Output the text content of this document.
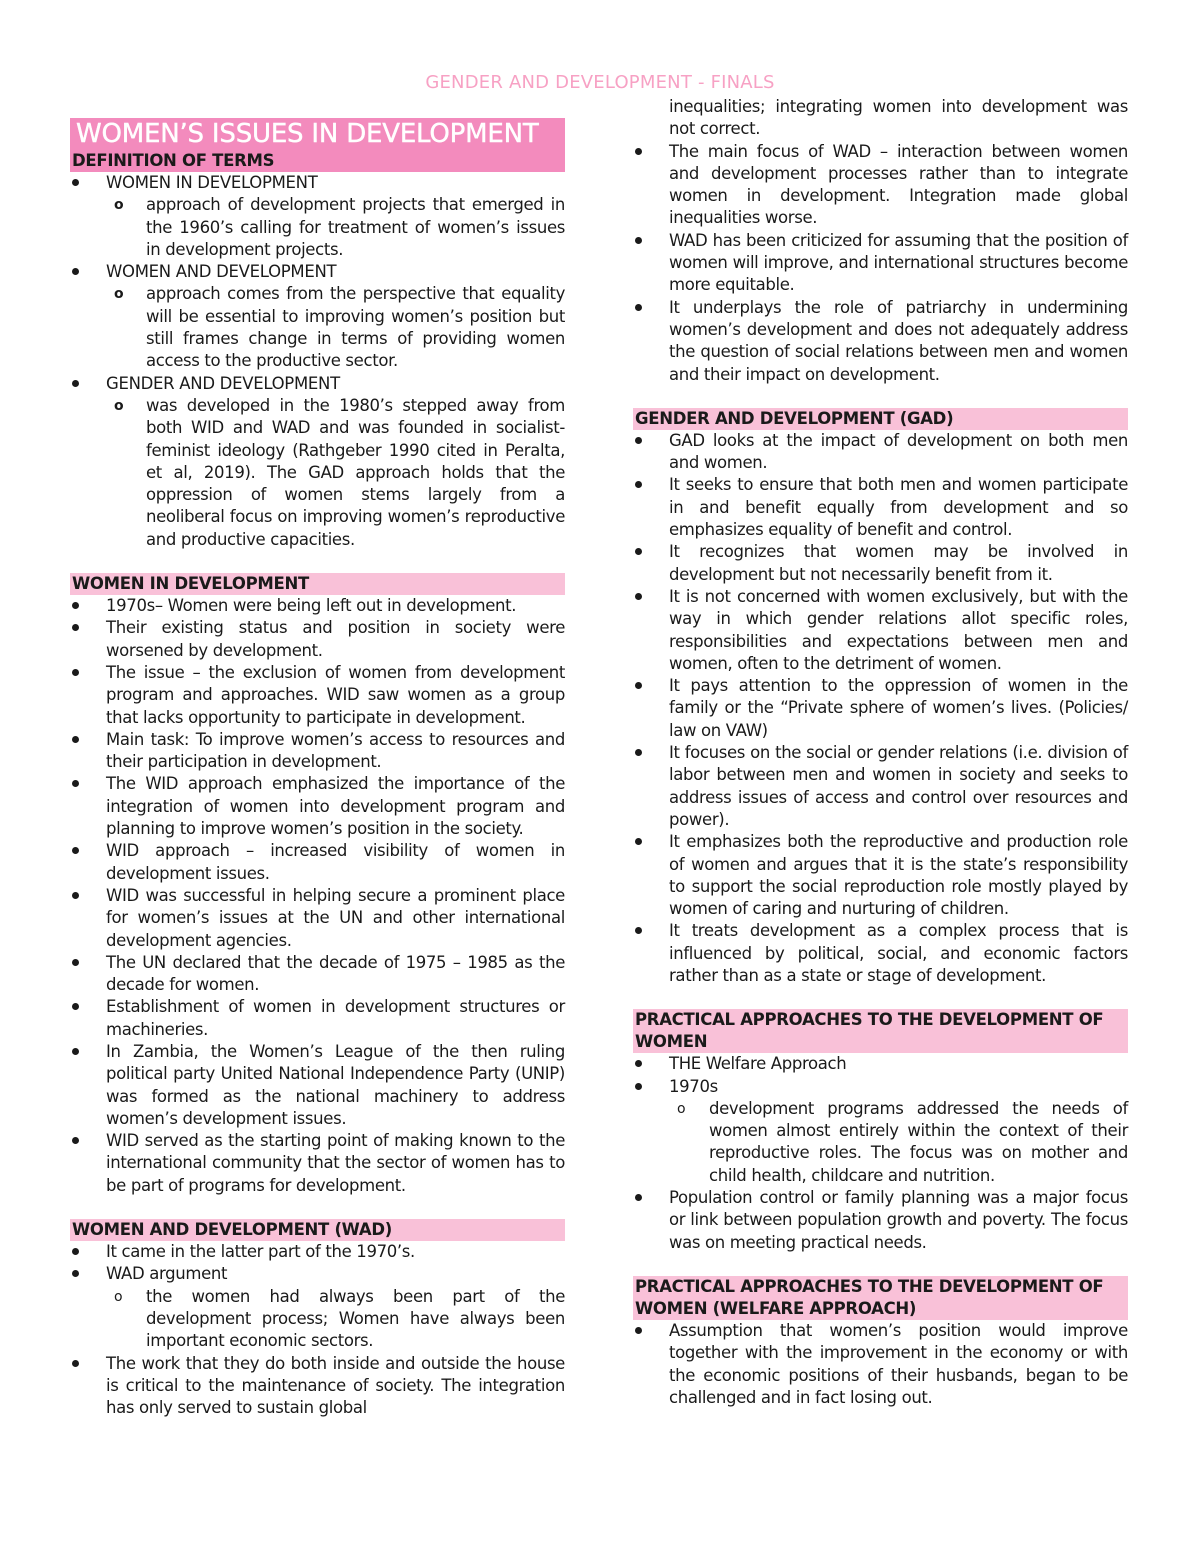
GENDER AND DEVELOPMENT - FINALS
WOMEN’S ISSUES IN DEVELOPMENT
DEFINITION OF TERMS
WOMEN IN DEVELOPMENT
o approach of development projects that emerged in the 1960’s calling for treatment of women’s issues in development projects.
WOMEN AND DEVELOPMENT
o approach comes from the perspective that equality will be essential to improving women’s position but still frames change in terms of providing women access to the productive sector.
GENDER AND DEVELOPMENT
o was developed in the 1980’s stepped away from both WID and WAD and was founded in socialist-feminist ideology (Rathgeber 1990 cited in Peralta, et al, 2019). The GAD approach holds that the oppression of women stems largely from a neoliberal focus on improving women’s reproductive and productive capacities.
WOMEN IN DEVELOPMENT
1970s– Women were being left out in development.
Their existing status and position in society were worsened by development.
The issue – the exclusion of women from development program and approaches. WID saw women as a group that lacks opportunity to participate in development.
Main task: To improve women’s access to resources and their participation in development.
The WID approach emphasized the importance of the integration of women into development program and planning to improve women’s position in the society.
WID approach – increased visibility of women in development issues.
WID was successful in helping secure a prominent place for women’s issues at the UN and other international development agencies.
The UN declared that the decade of 1975 – 1985 as the decade for women.
Establishment of women in development structures or machineries.
In Zambia, the Women’s League of the then ruling political party United National Independence Party (UNIP) was formed as the national machinery to address women’s development issues.
WID served as the starting point of making known to the international community that the sector of women has to be part of programs for development.
WOMEN AND DEVELOPMENT (WAD)
It came in the latter part of the 1970’s.
WAD argument
o the women had always been part of the development process; Women have always been important economic sectors.
The work that they do both inside and outside the house is critical to the maintenance of society. The integration has only served to sustain global
inequalities; integrating women into development was not correct.
The main focus of WAD – interaction between women and development processes rather than to integrate women in development. Integration made global inequalities worse.
WAD has been criticized for assuming that the position of women will improve, and international structures become more equitable.
It underplays the role of patriarchy in undermining women’s development and does not adequately address the question of social relations between men and women and their impact on development.
GENDER AND DEVELOPMENT (GAD)
GAD looks at the impact of development on both men and women.
It seeks to ensure that both men and women participate in and benefit equally from development and so emphasizes equality of benefit and control.
It recognizes that women may be involved in development but not necessarily benefit from it.
It is not concerned with women exclusively, but with the way in which gender relations allot specific roles, responsibilities and expectations between men and women, often to the detriment of women.
It pays attention to the oppression of women in the family or the “Private sphere of women’s lives. (Policies/ law on VAW)
It focuses on the social or gender relations (i.e. division of labor between men and women in society and seeks to address issues of access and control over resources and power).
It emphasizes both the reproductive and production role of women and argues that it is the state’s responsibility to support the social reproduction role mostly played by women of caring and nurturing of children.
It treats development as a complex process that is influenced by political, social, and economic factors rather than as a state or stage of development.
PRACTICAL APPROACHES TO THE DEVELOPMENT OF WOMEN
THE Welfare Approach
1970s
o development programs addressed the needs of women almost entirely within the context of their reproductive roles. The focus was on mother and child health, childcare and nutrition.
Population control or family planning was a major focus or link between population growth and poverty. The focus was on meeting practical needs.
PRACTICAL APPROACHES TO THE DEVELOPMENT OF WOMEN (WELFARE APPROACH)
Assumption that women’s position would improve together with the improvement in the economy or with the economic positions of their husbands, began to be challenged and in fact losing out.
